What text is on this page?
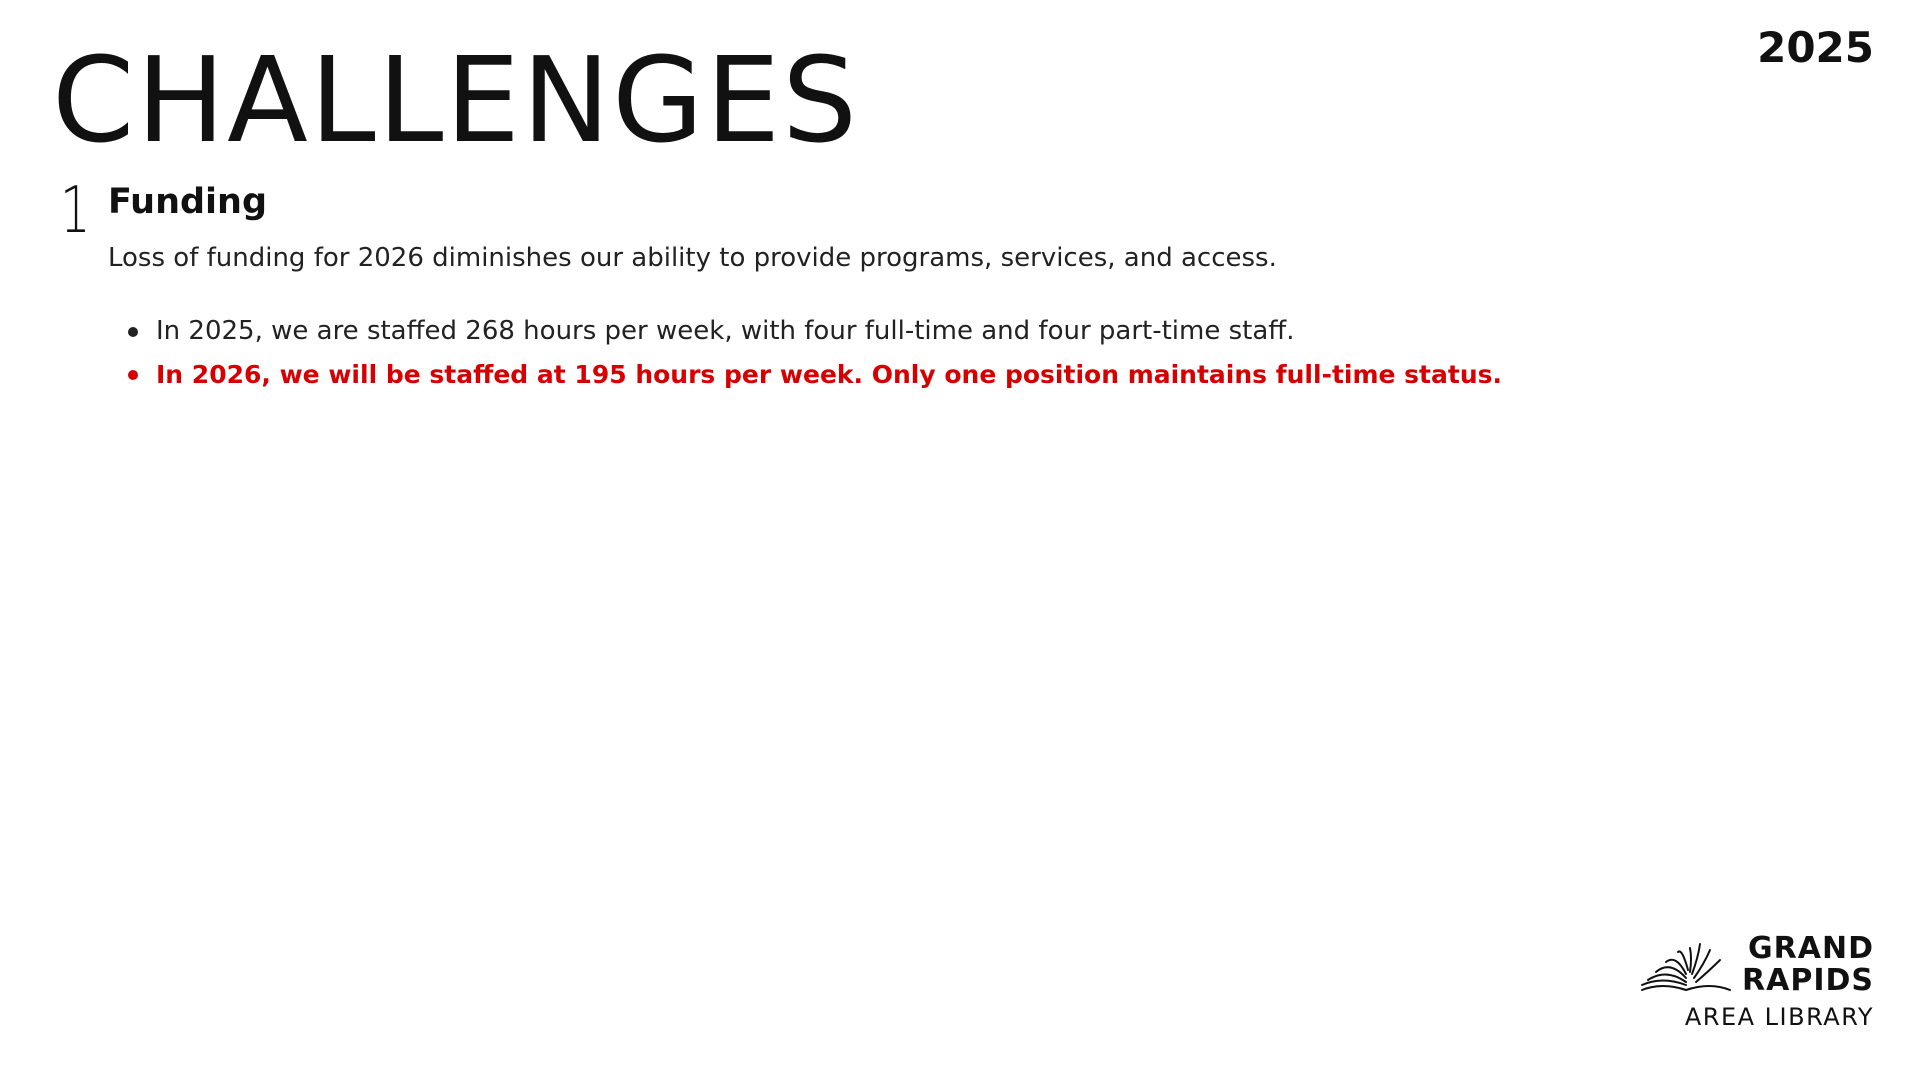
CHALLENGES	2025
1 Funding

Loss of funding for 2026 diminishes our ability to provide programs, services, and access.

In 2025, we are staffed 268 hours per week, with four full-time and four part-time staff.
In 2026, we will be staffed at 195 hours per week. Only one position maintains full-time status.
GRAND
RAPIDS
AREA LIBRARY
